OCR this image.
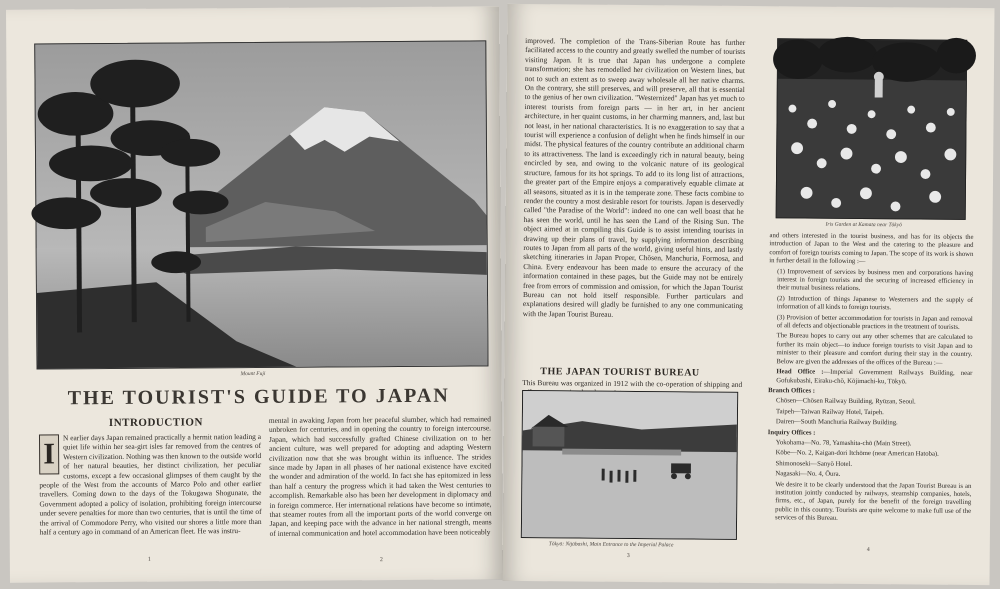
Mount Fuji
THE TOURIST'S GUIDE TO JAPAN
INTRODUCTION
I
N earlier days Japan remained practically a hermit nation leading a quiet life within her sea-girt isles far removed from the centres of Western civilization. Nothing was then known to the outside world of her natural beauties, her distinct civilization, her peculiar customs, except a few occasional glimpses of them caught by the people of the West from the accounts of Marco Polo and other earlier travellers. Coming down to the days of the Tokugawa Shogunate, the Government adopted a policy of isolation, prohibiting foreign intercourse under severe penalties for more than two centuries, that is until the time of the arrival of Commodore Perry, who visited our shores a little more than half a century ago in command of an American fleet. He was instru-
mental in awaking Japan from her peaceful slumber, which had remained unbroken for centuries, and in opening the country to foreign intercourse. Japan, which had successfully grafted Chinese civilization on to her ancient culture, was well prepared for adopting and adapting Western civilization now that she was brought within its influence. The strides since made by Japan in all phases of her national existence have excited the wonder and admiration of the world. In fact she has epitomized in less than half a century the progress which it had taken the West centuries to accomplish. Remarkable also has been her development in diplomacy and in foreign commerce. Her international relations have become so intimate, that steamer routes from all the important ports of the world converge on Japan, and keeping pace with the advance in her national strength, means of internal communication and hotel accommodation have been noticeably
1	2
improved. The completion of the Trans-Siberian Route has further facilitated access to the country and greatly swelled the number of tourists visiting Japan. It is true that Japan has undergone a complete transformation; she has remodelled her civilization on Western lines, but not to such an extent as to sweep away wholesale all her native charms. On the contrary, she still preserves, and will preserve, all that is essential to the genius of her own civilization. "Westernized" Japan has yet much to interest tourists from foreign parts — in her art, in her ancient architecture, in her quaint customs, in her charming manners, and, last but not least, in her national characteristics. It is no exaggeration to say that a tourist will experience a confusion of delight when he finds himself in our midst. The physical features of the country contribute an additional charm to its attractiveness. The land is exceedingly rich in natural beauty, being encircled by sea, and owing to the volcanic nature of its geological structure, famous for its hot springs. To add to its long list of attractions, the greater part of the Empire enjoys a comparatively equable climate at all seasons, situated as it is in the temperate zone. These facts combine to render the country a most desirable resort for tourists. Japan is deservedly called "the Paradise of the World": indeed no one can well boast that he has seen the world, until he has seen the Land of the Rising Sun. The object aimed at in compiling this Guide is to assist intending tourists in drawing up their plans of travel, by supplying information describing routes to Japan from all parts of the world, giving useful hints, and lastly sketching itineraries in Japan Proper, Chōsen, Manchuria, Formosa, and China. Every endeavour has been made to ensure the accuracy of the information contained in these pages, but the Guide may not be entirely free from errors of commission and omission, for which the Japan Tourist Bureau can not hold itself responsible. Further particulars and explanations desired will gladly be furnished to any one communicating with the Japan Tourist Bureau.
THE JAPAN TOURIST BUREAU
This Bureau was organized in 1912 with the co-operation of shipping and
Tōkyō: Nijūbashi, Main Entrance to the Imperial Palace
Iris Garden at Kamata near Tōkyō

and others interested in the tourist business, and has for its objects the introduction of Japan to the West and the catering to the pleasure and comfort of foreign tourists coming to Japan. The scope of its work is shown in further detail in the following :—

(1) Improvement of services by business men and corporations having interest in foreign tourists and the securing of increased efficiency in their mutual business relations.

(2) Introduction of things Japanese to Westerners and the supply of information of all kinds to foreign tourists.

(3) Provision of better accommodation for tourists in Japan and removal of all defects and objectionable practices in the treatment of tourists.

The Bureau hopes to carry out any other schemes that are calculated to further its main object—to induce foreign tourists to visit Japan and to minister to their pleasure and comfort during their stay in the country. Below are given the addresses of the offices of the Bureau :—

Head Office :—Imperial Government Railways Building, near Gofukubashi, Eiraku-chō, Kōjimachi-ku, Tōkyō.

Branch Offices :

Chōsen—Chōsen Railway Building, Ryūzan, Seoul.

Taipeh—Taiwan Railway Hotel, Taipeh.

Dairen—South Manchuria Railway Building.

Inquiry Offices :

Yokohama—No. 78, Yamashita-chō (Main Street).

Kōbe—No. 2, Kaigan-dori Itchōme (near American Hatoba).

Shimonoseki—Sanyō Hotel.

Nagasaki—No. 4, Ōura.

We desire it to be clearly understood that the Japan Tourist Bureau is an institution jointly conducted by railways, steamship companies, hotels, firms, etc., of Japan, purely for the benefit of the foreign travelling public in this country. Tourists are quite welcome to make full use of the services of this Bureau.

3
4
